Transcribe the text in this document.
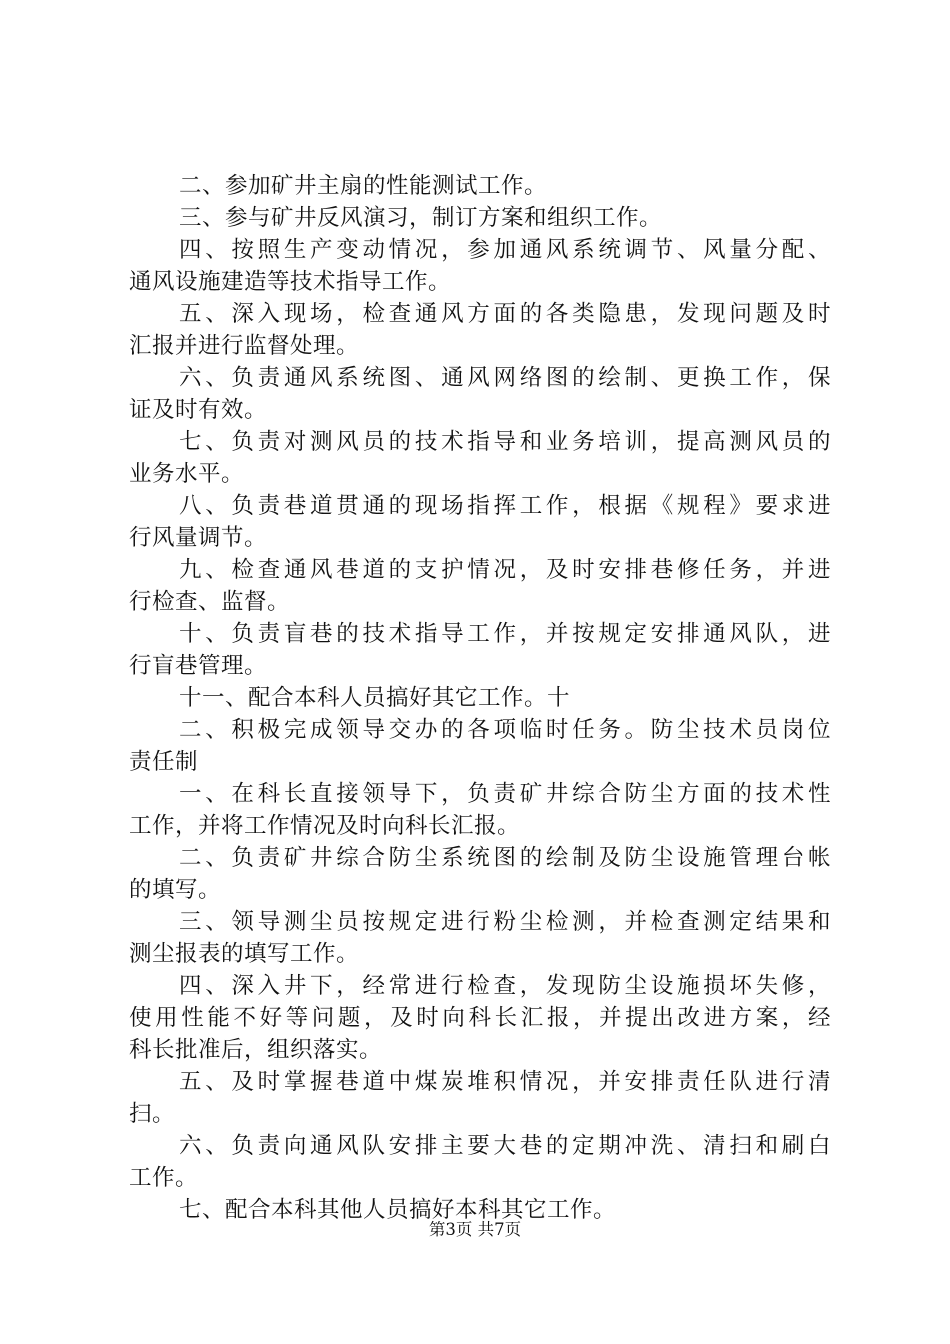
二、参加矿井主扇的性能测试工作。
三、参与矿井反风演习，制订方案和组织工作。
四、按照生产变动情况，参加通风系统调节、风量分配、
通风设施建造等技术指导工作。
五、深入现场，检查通风方面的各类隐患，发现问题及时
汇报并进行监督处理。
六、负责通风系统图、通风网络图的绘制、更换工作，保
证及时有效。
七、负责对测风员的技术指导和业务培训，提高测风员的
业务水平。
八、负责巷道贯通的现场指挥工作，根据《规程》要求进
行风量调节。
九、检查通风巷道的支护情况，及时安排巷修任务，并进
行检查、监督。
十、负责盲巷的技术指导工作，并按规定安排通风队，进
行盲巷管理。
十一、配合本科人员搞好其它工作。十
二、积极完成领导交办的各项临时任务。防尘技术员岗位
责任制
一、在科长直接领导下，负责矿井综合防尘方面的技术性
工作，并将工作情况及时向科长汇报。
二、负责矿井综合防尘系统图的绘制及防尘设施管理台帐
的填写。
三、领导测尘员按规定进行粉尘检测，并检查测定结果和
测尘报表的填写工作。
四、深入井下，经常进行检查，发现防尘设施损坏失修，
使用性能不好等问题，及时向科长汇报，并提出改进方案，经
科长批准后，组织落实。
五、及时掌握巷道中煤炭堆积情况，并安排责任队进行清
扫。
六、负责向通风队安排主要大巷的定期冲洗、清扫和刷白
工作。
七、配合本科其他人员搞好本科其它工作。
第3页 共7页
